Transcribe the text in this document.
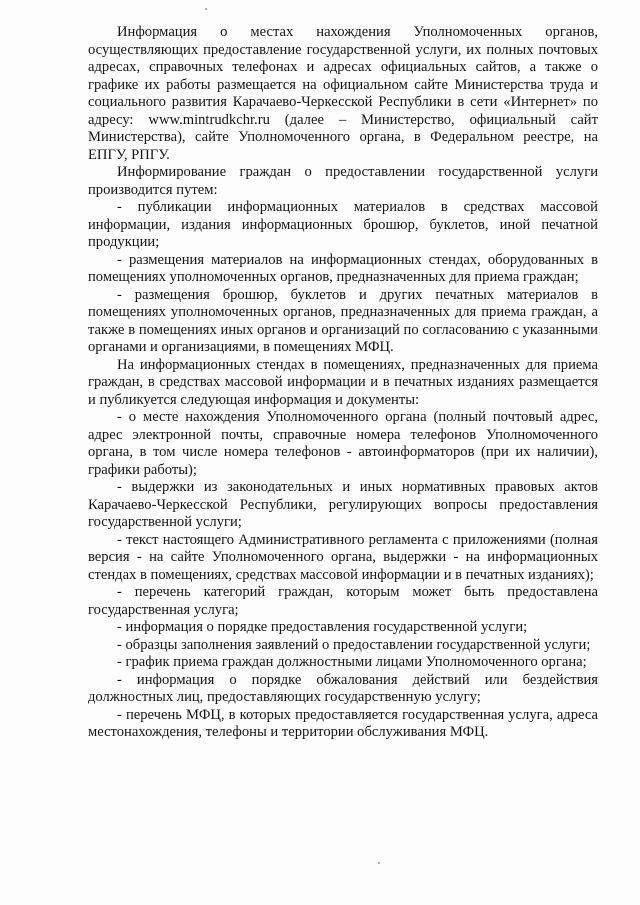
Информация о местах нахождения Уполномоченных органов, осуществляющих предоставление государственной услуги, их полных почтовых адресах, справочных телефонах и адресах официальных сайтов, а также о графике их работы размещается на официальном сайте Министерства труда и социального развития Карачаево-Черкесской Республики в сети «Интернет» по адресу: www.mintrudkchr.ru (далее – Министерство, официальный сайт Министерства), сайте Уполномоченного органа, в Федеральном реестре, на ЕПГУ, РПГУ.

Информирование граждан о предоставлении государственной услуги производится путем:

- публикации информационных материалов в средствах массовой информации, издания информационных брошюр, буклетов, иной печатной продукции;

- размещения материалов на информационных стендах, оборудованных в помещениях уполномоченных органов, предназначенных для приема граждан;

- размещения брошюр, буклетов и других печатных материалов в помещениях уполномоченных органов, предназначенных для приема граждан, а также в помещениях иных органов и организаций по согласованию с указанными органами и организациями, в помещениях МФЦ.

На информационных стендах в помещениях, предназначенных для приема граждан, в средствах массовой информации и в печатных изданиях размещается и публикуется следующая информация и документы:

- о месте нахождения Уполномоченного органа (полный почтовый адрес, адрес электронной почты, справочные номера телефонов Уполномоченного органа, в том числе номера телефонов - автоинформаторов (при их наличии), графики работы);

- выдержки из законодательных и иных нормативных правовых актов Карачаево-Черкесской Республики, регулирующих вопросы предоставления государственной услуги;

- текст настоящего Административного регламента с приложениями (полная версия - на сайте Уполномоченного органа, выдержки - на информационных стендах в помещениях, средствах массовой информации и в печатных изданиях);

- перечень категорий граждан, которым может быть предоставлена государственная услуга;

- информация о порядке предоставления государственной услуги;

- образцы заполнения заявлений о предоставлении государственной услуги;

- график приема граждан должностными лицами Уполномоченного органа;

- информация о порядке обжалования действий или бездействия должностных лиц, предоставляющих государственную услугу;

- перечень МФЦ, в которых предоставляется государственная услуга, адреса местонахождения, телефоны и территории обслуживания МФЦ.
